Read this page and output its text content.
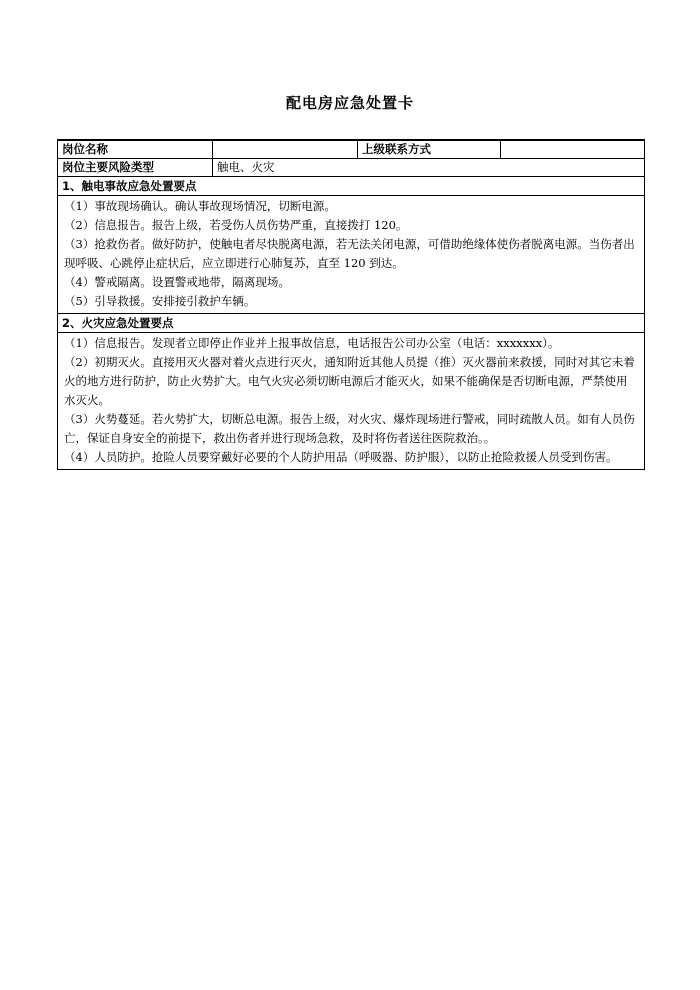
配电房应急处置卡
岗位名称		上级联系方式	
岗位主要风险类型	触电、火灾		
1、触电事故应急处置要点			

（1）事故现场确认。确认事故现场情况，切断电源。

（2）信息报告。报告上级，若受伤人员伤势严重，直接拨打 120。

（3）抢救伤者。做好防护，使触电者尽快脱离电源，若无法关闭电源，可借助绝缘体使伤者脱离电源。当伤者出现呼吸、心跳停止症状后，应立即进行心肺复苏，直至 120 到达。

（4）警戒隔离。设置警戒地带，隔离现场。

（5）引导救援。安排接引救护车辆。			

2、火灾应急处置要点			

（1）信息报告。发现者立即停止作业并上报事故信息，电话报告公司办公室（电话：xxxxxxx）。

（2）初期灭火。直接用灭火器对着火点进行灭火，通知附近其他人员提（推）灭火器前来救援，同时对其它未着火的地方进行防护，防止火势扩大。电气火灾必须切断电源后才能灭火，如果不能确保是否切断电源，严禁使用水灭火。

（3）火势蔓延。若火势扩大，切断总电源。报告上级，对火灾、爆炸现场进行警戒，同时疏散人员。如有人员伤亡，保证自身安全的前提下，救出伤者并进行现场急救，及时将伤者送往医院救治。。

（4）人员防护。抢险人员要穿戴好必要的个人防护用品（呼吸器、防护服），以防止抢险救援人员受到伤害。			
